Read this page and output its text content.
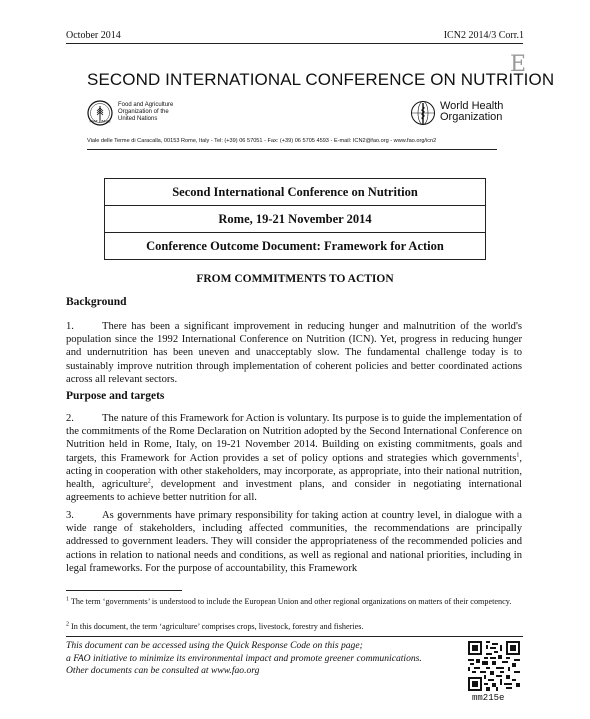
October 2014	ICN2 2014/3 Corr.1
E
SECOND INTERNATIONAL CONFERENCE ON NUTRITION
FIAT PANIS
Food and Agriculture
Organization of the
United Nations
World Health
Organization
Viale delle Terme di Caracalla, 00153 Rome, Italy - Tel: (+39) 06 57051 - Fax: (+39) 06 5705 4593 - E-mail: ICN2@fao.org - www.fao.org/icn2
Second International Conference on Nutrition
Rome, 19-21 November 2014
Conference Outcome Document: Framework for Action
FROM COMMITMENTS TO ACTION
Background
1.	There has been a significant improvement in reducing hunger and malnutrition of the world's population since the 1992 International Conference on Nutrition (ICN). Yet, progress in reducing hunger and undernutrition has been uneven and unacceptably slow. The fundamental challenge today is to sustainably improve nutrition through implementation of coherent policies and better coordinated actions across all relevant sectors.
Purpose and targets
2.	The nature of this Framework for Action is voluntary. Its purpose is to guide the implementation of the commitments of the Rome Declaration on Nutrition adopted by the Second International Conference on Nutrition held in Rome, Italy, on 19-21 November 2014. Building on existing commitments, goals and targets, this Framework for Action provides a set of policy options and strategies which governments$^1$, acting in cooperation with other stakeholders, may incorporate, as appropriate, into their national nutrition, health, agriculture$^2$, development and investment plans, and consider in negotiating international agreements to achieve better nutrition for all.
3.	As governments have primary responsibility for taking action at country level, in dialogue with a wide range of stakeholders, including affected communities, the recommendations are principally addressed to government leaders. They will consider the appropriateness of the recommended policies and actions in relation to national needs and conditions, as well as regional and national priorities, including in legal frameworks. For the purpose of accountability, this Framework
$^1$ The term ‘governments’ is understood to include the European Union and other regional organizations on matters of their competency.
$^2$ In this document, the term ‘agriculture’ comprises crops, livestock, forestry and fisheries.
This document can be accessed using the Quick Response Code on this page;
a FAO initiative to minimize its environmental impact and promote greener communications.
Other documents can be consulted at www.fao.org
mm215e
